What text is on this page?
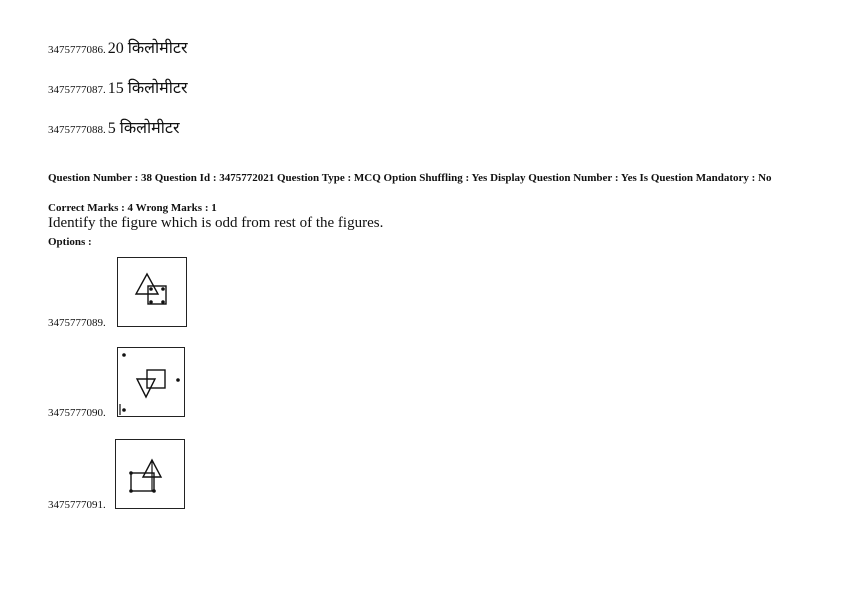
3475777086. 20 किलोमीटर
3475777087. 15 किलोमीटर
3475777088. 5 किलोमीटर
Question Number : 38 Question Id : 3475772021 Question Type : MCQ Option Shuffling : Yes Display Question Number : Yes Is Question Mandatory : No
Correct Marks : 4 Wrong Marks : 1
Identify the figure which is odd from rest of the figures.
Options :
3475777089.
3475777090.
3475777091.
